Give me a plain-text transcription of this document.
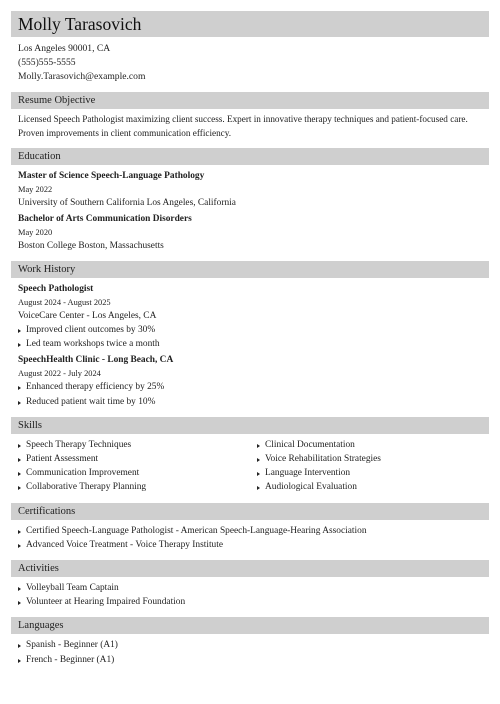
Molly Tarasovich
Los Angeles 90001, CA
(555)555-5555
Molly.Tarasovich@example.com
Resume Objective
Licensed Speech Pathologist maximizing client success. Expert in innovative therapy techniques and patient-focused care. Proven improvements in client communication efficiency.
Education
Master of Science Speech-Language Pathology
May 2022
University of Southern California Los Angeles, California
Bachelor of Arts Communication Disorders
May 2020
Boston College Boston, Massachusetts
Work History
Speech Pathologist
August 2024 - August 2025
VoiceCare Center - Los Angeles, CA
Improved client outcomes by 30%
Led team workshops twice a month
SpeechHealth Clinic - Long Beach, CA
August 2022 - July 2024
Enhanced therapy efficiency by 25%
Reduced patient wait time by 10%
Skills
Speech Therapy Techniques
Patient Assessment
Communication Improvement
Collaborative Therapy Planning
Clinical Documentation
Voice Rehabilitation Strategies
Language Intervention
Audiological Evaluation
Certifications
Certified Speech-Language Pathologist - American Speech-Language-Hearing Association
Advanced Voice Treatment - Voice Therapy Institute
Activities
Volleyball Team Captain
Volunteer at Hearing Impaired Foundation
Languages
Spanish - Beginner (A1)
French - Beginner (A1)
